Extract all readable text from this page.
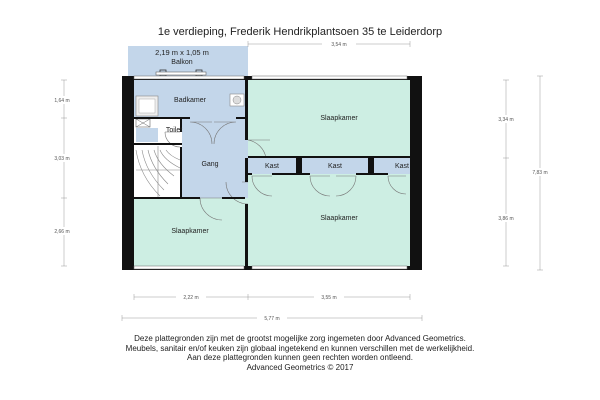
1e verdieping, Frederik Hendrikplantsoen 35 te Leiderdorp
2,19 m x 1,05 m
Balkon
Badkamer
Toilet
Gang
Slaapkamer
Slaapkamer
Slaapkamer
Kast	Kast	Kast
3,54 m
1,64 m
3,03 m
2,66 m
3,34 m
3,86 m
7,83 m
2,22 m	3,55 m
5,77 m
Deze plattegronden zijn met de grootst mogelijke zorg ingemeten door Advanced Geometrics.
Meubels, sanitair en/of keuken zijn globaal ingetekend en kunnen verschillen met de werkelijkheid.
Aan deze plattegronden kunnen geen rechten worden ontleend.
Advanced Geometrics © 2017
